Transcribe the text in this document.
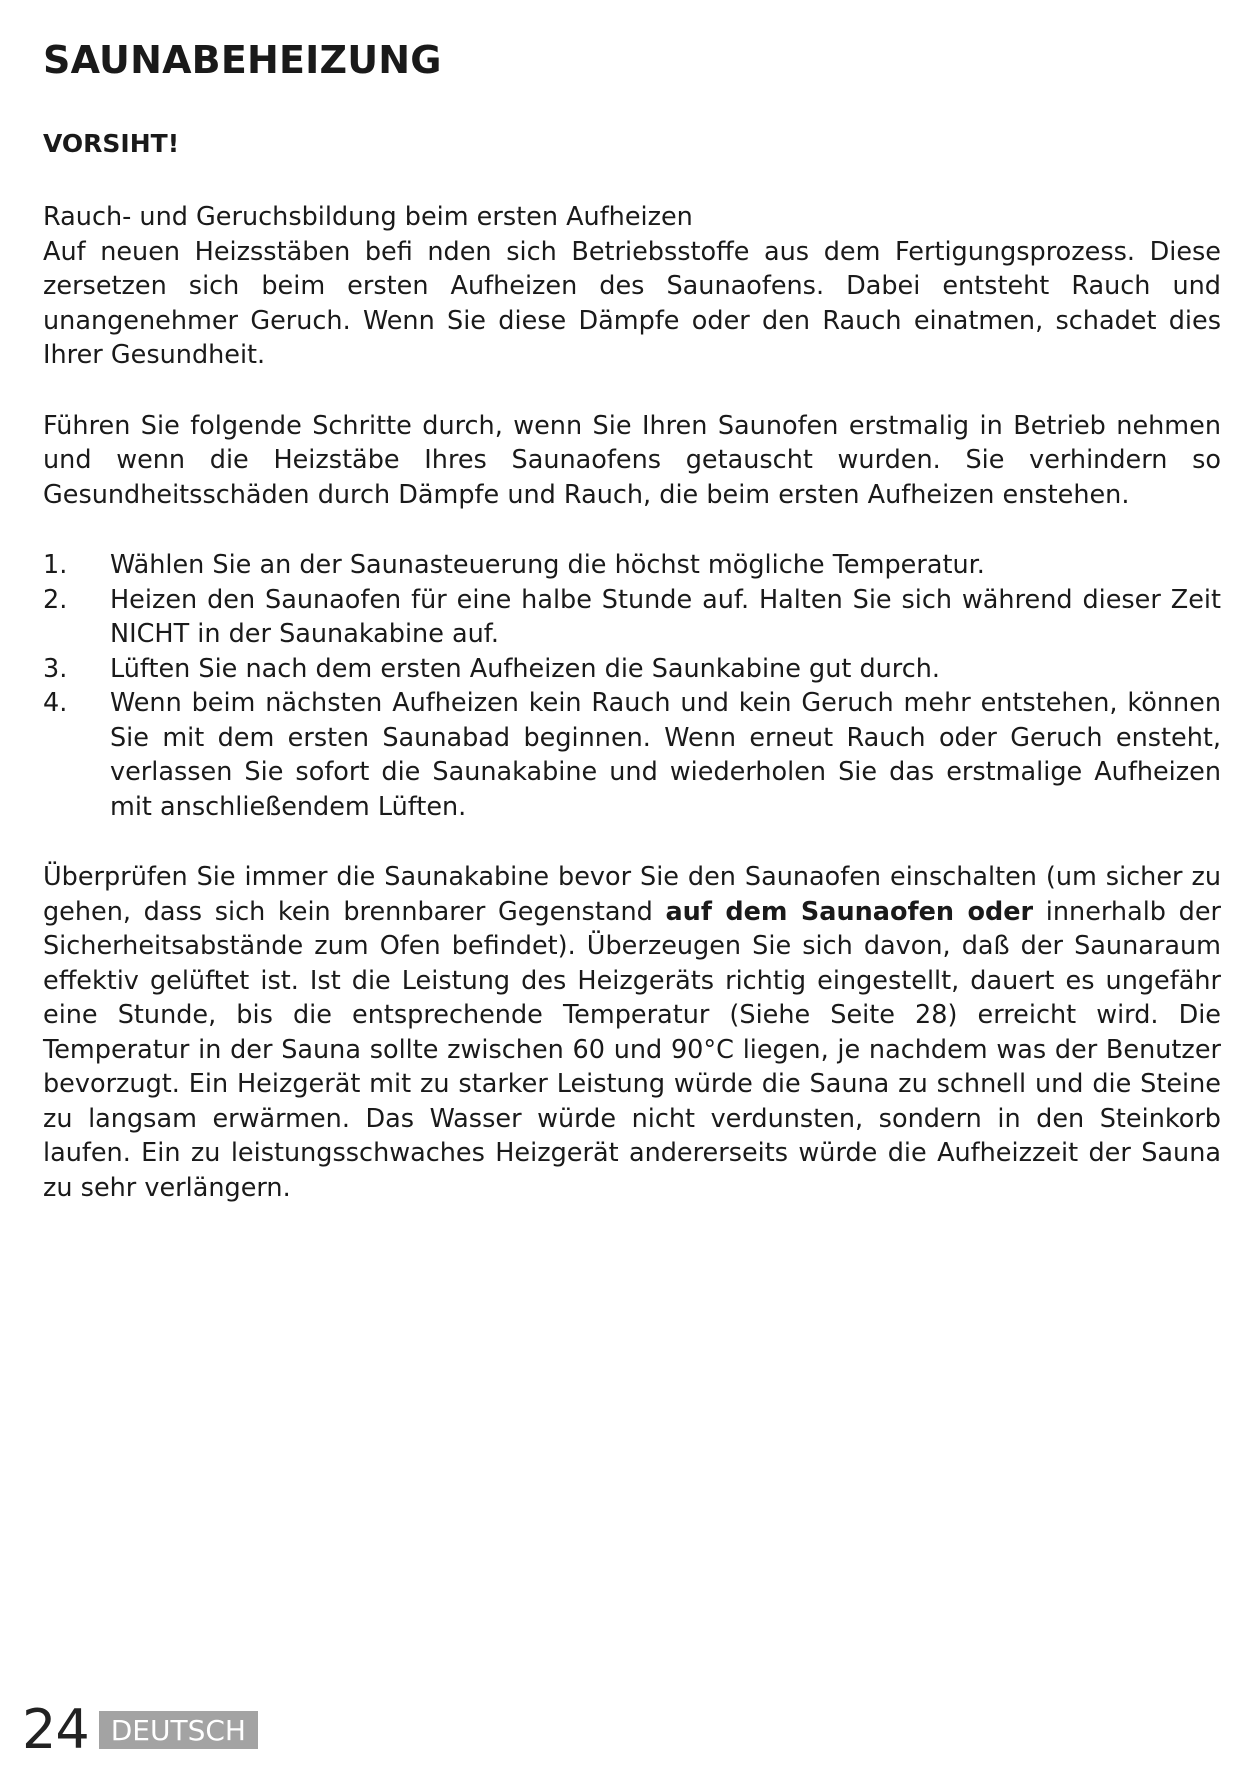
SAUNABEHEIZUNG

VORSIHT!

Rauch- und Geruchsbildung beim ersten Aufheizen
Auf neuen Heizsstäben befi nden sich Betriebsstoffe aus dem Fertigungsprozess. Diese zersetzen sich beim ersten Aufheizen des Saunaofens. Dabei entsteht Rauch und unangenehmer Geruch. Wenn Sie diese Dämpfe oder den Rauch einatmen, schadet dies Ihrer Gesundheit.

Führen Sie folgende Schritte durch, wenn Sie Ihren Saunofen erstmalig in Betrieb nehmen und wenn die Heizstäbe Ihres Saunaofens getauscht wurden. Sie verhindern so Gesundheitsschäden durch Dämpfe und Rauch, die beim ersten Aufheizen enstehen.

1. Wählen Sie an der Saunasteuerung die höchst mögliche Temperatur.
2. Heizen den Saunaofen für eine halbe Stunde auf. Halten Sie sich während dieser Zeit NICHT in der Saunakabine auf.
3. Lüften Sie nach dem ersten Aufheizen die Saunkabine gut durch.
4. Wenn beim nächsten Aufheizen kein Rauch und kein Geruch mehr entstehen, können Sie mit dem ersten Saunabad beginnen. Wenn erneut Rauch oder Geruch ensteht, verlassen Sie sofort die Saunakabine und wiederholen Sie das erstmalige Aufheizen mit anschließendem Lüften.

Überprüfen Sie immer die Saunakabine bevor Sie den Saunaofen einschalten (um sicher zu gehen, dass sich kein brennbarer Gegenstand auf dem Saunaofen oder innerhalb der Sicherheitsabstände zum Ofen befindet). Überzeugen Sie sich davon, daß der Saunaraum effektiv gelüftet ist. Ist die Leistung des Heizgeräts richtig eingestellt, dauert es ungefähr eine Stunde, bis die entsprechende Temperatur (Siehe Seite 28) erreicht wird. Die Temperatur in der Sauna sollte zwischen 60 und 90°C liegen, je nachdem was der Benutzer bevorzugt. Ein Heizgerät mit zu starker Leistung würde die Sauna zu schnell und die Steine zu langsam erwärmen. Das Wasser würde nicht verdunsten, sondern in den Steinkorb laufen. Ein zu leistungsschwaches Heizgerät andererseits würde die Aufheizzeit der Sauna zu sehr verlängern.

24 DEUTSCH
